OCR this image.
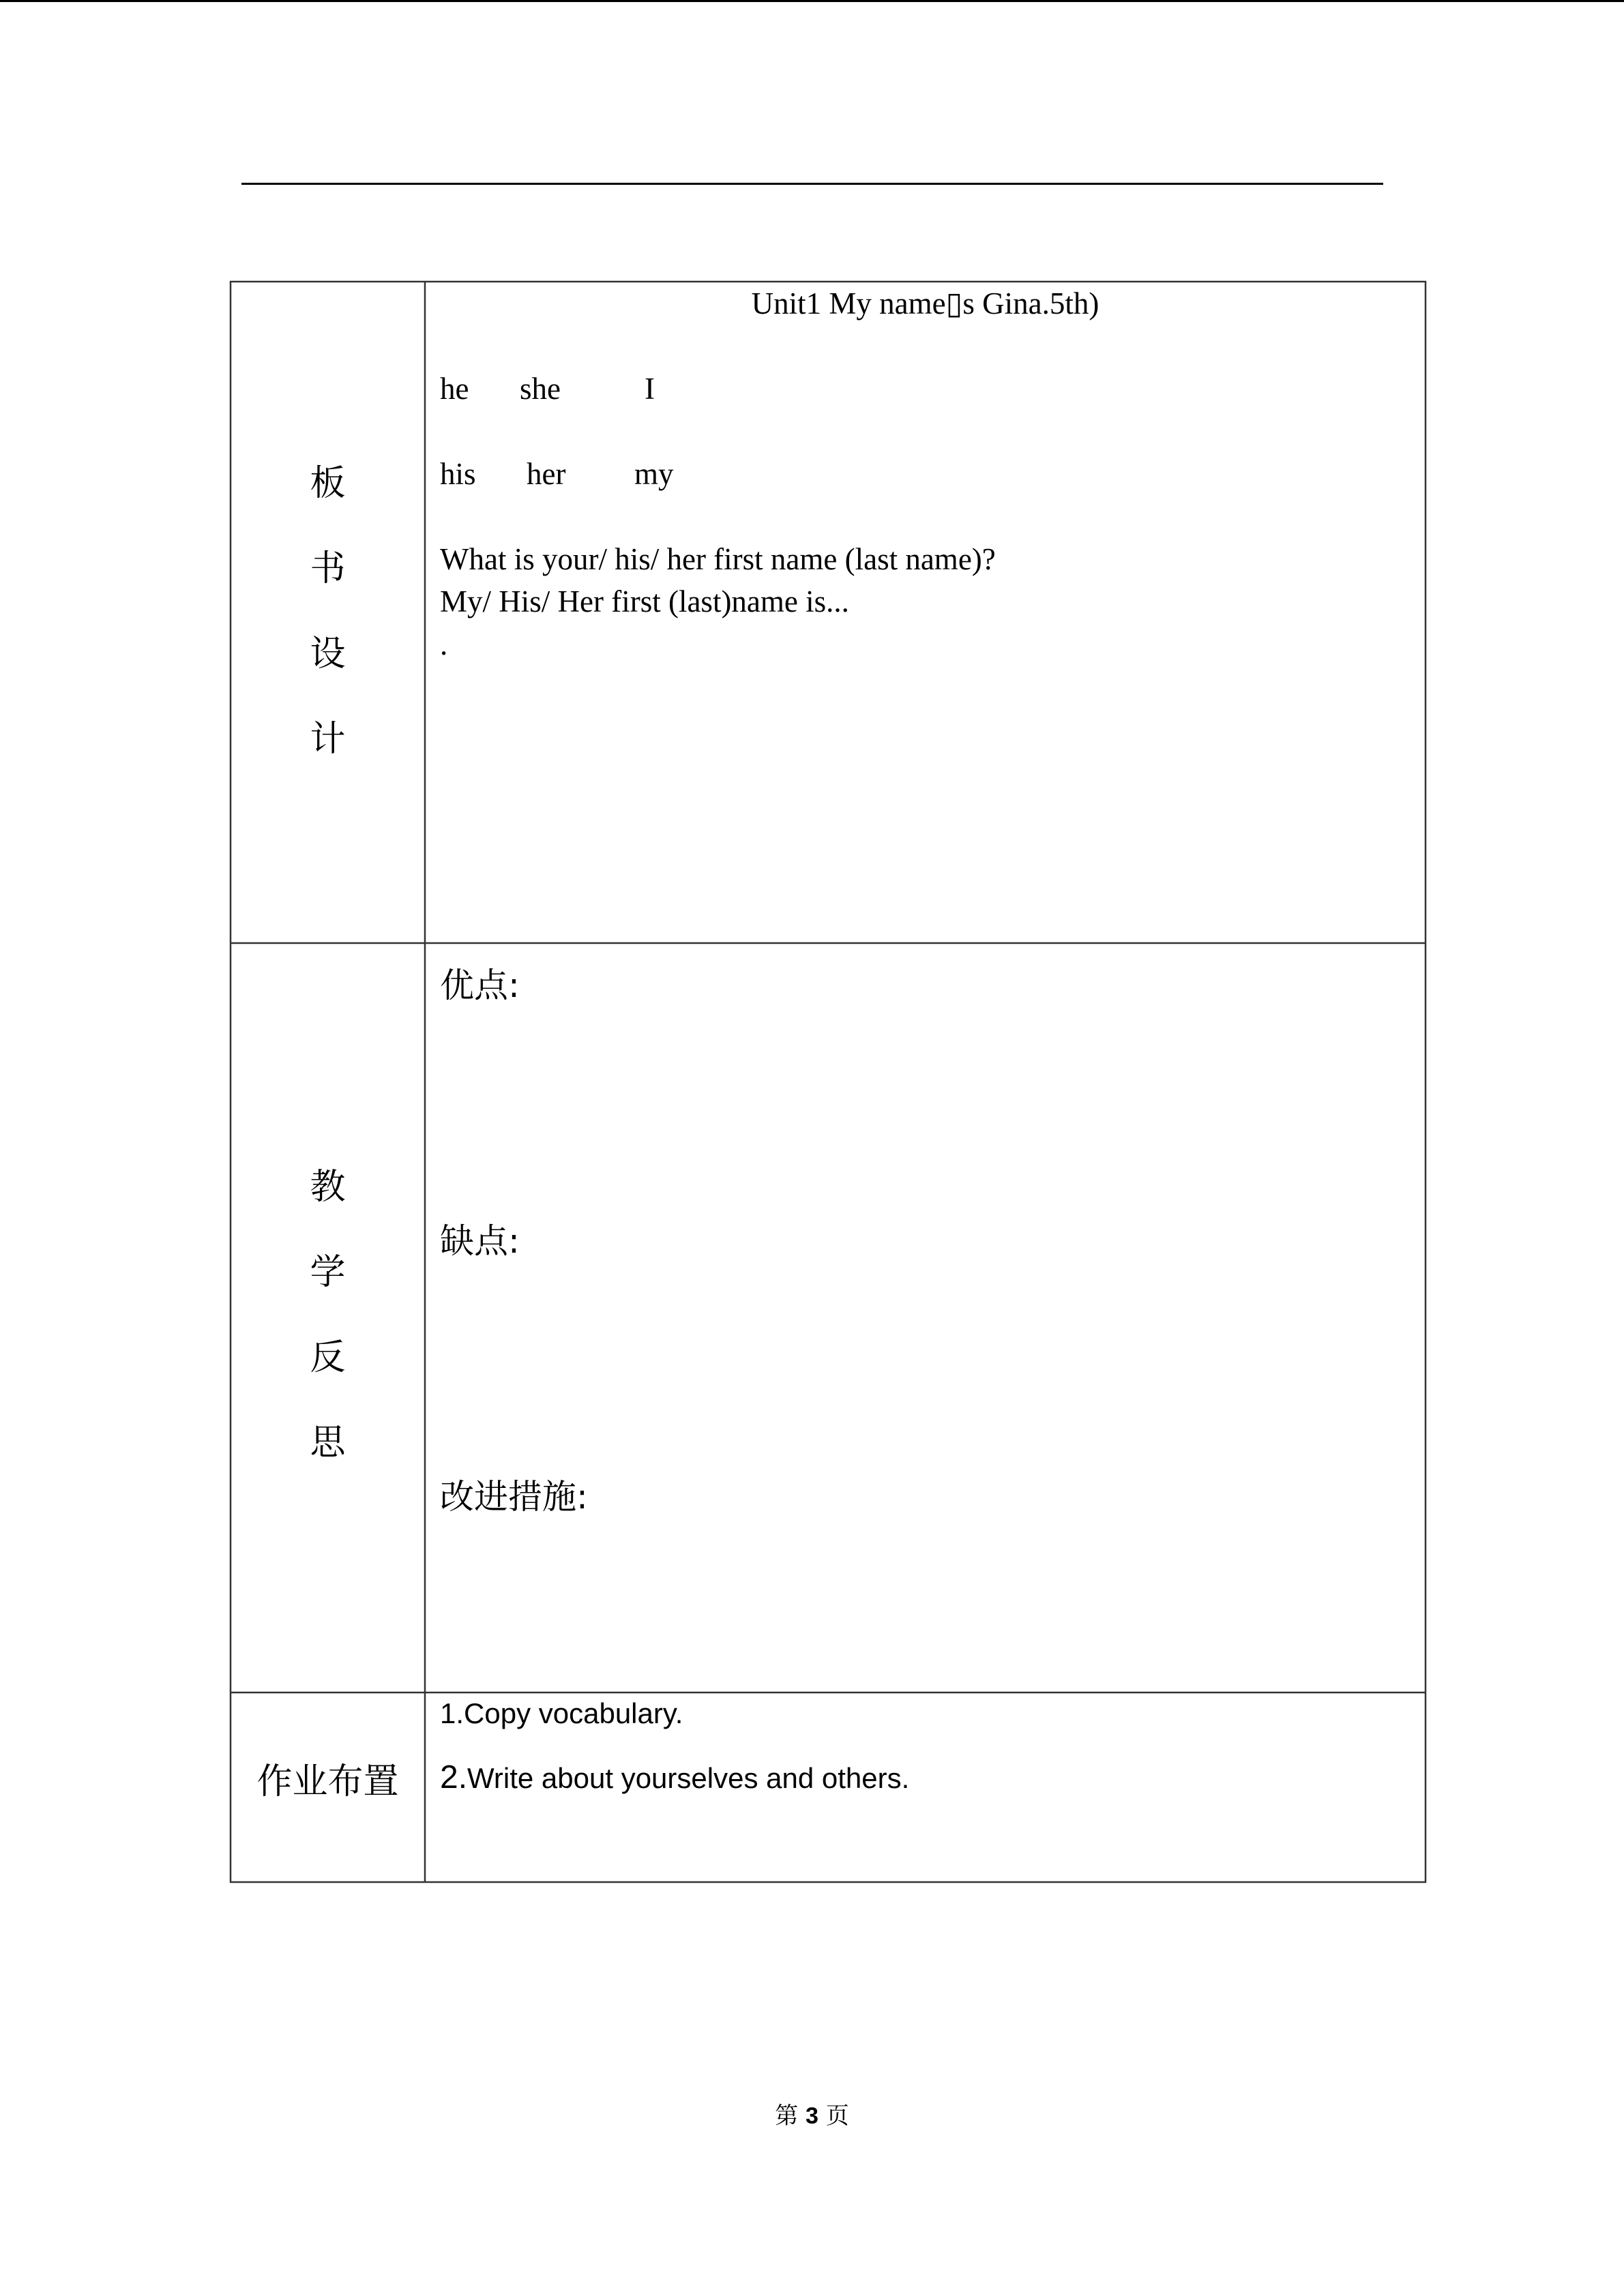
板
书
设
计
Unit1 My name▯s Gina.5th)
he she	I
his her my
What is your/ his/ her first name (last name)?
My/ His/ Her first (last)name is...
.
教
学
反
思
优点:
缺点:
改进措施:
作业布置
1.Copy vocabulary.
2.Write about yourselves and others.
第 3 页
